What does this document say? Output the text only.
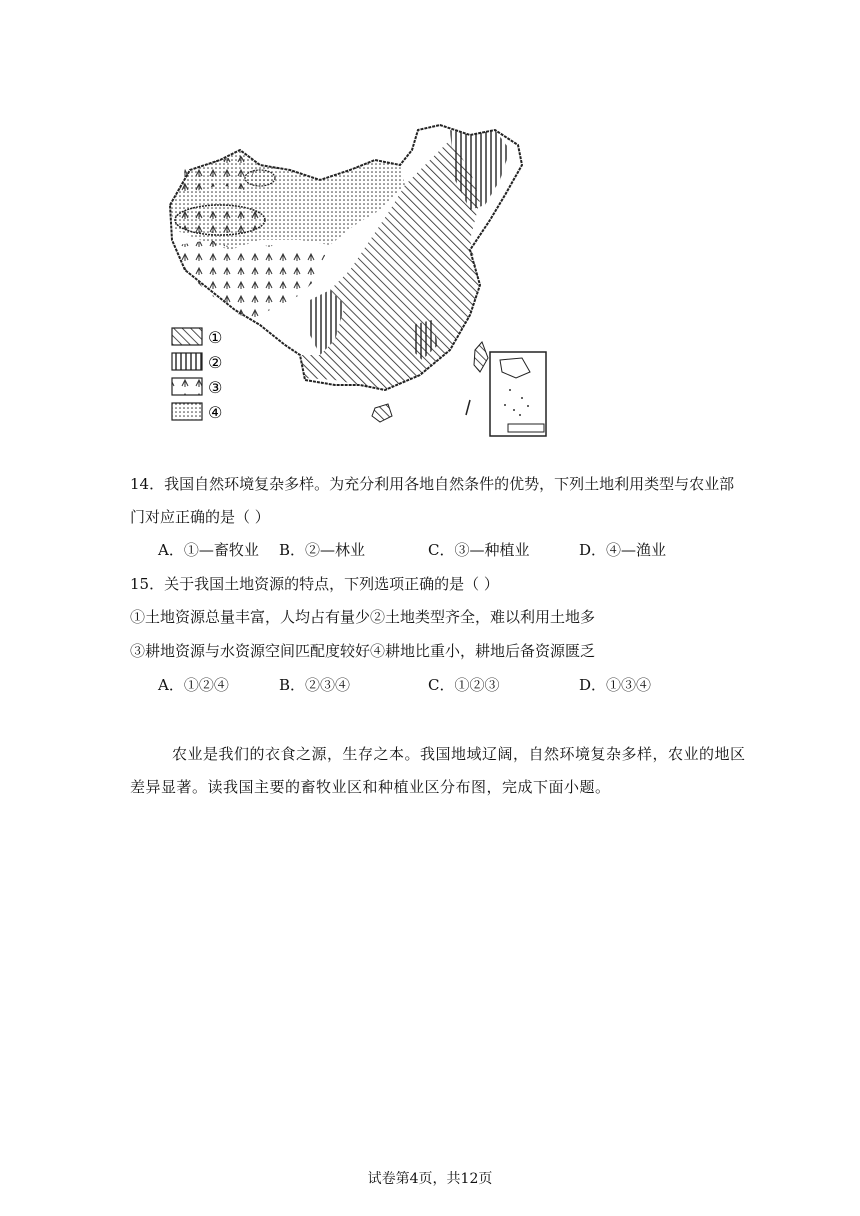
①
②
③
④
14．我国自然环境复杂多样。为充分利用各地自然条件的优势，下列土地利用类型与农业部
门对应正确的是（ ）
A．①—畜牧业 B．②—林业	C．③—种植业	D．④—渔业
15．关于我国土地资源的特点，下列选项正确的是（ ）
①土地资源总量丰富，人均占有量少②土地类型齐全，难以利用土地多
③耕地资源与水资源空间匹配度较好④耕地比重小，耕地后备资源匮乏
A．①②④	B．②③④	C．①②③	D．①③④
农业是我们的衣食之源，生存之本。我国地域辽阔，自然环境复杂多样，农业的地区
差异显著。读我国主要的畜牧业区和种植业区分布图，完成下面小题。
试卷第4页，共12页
